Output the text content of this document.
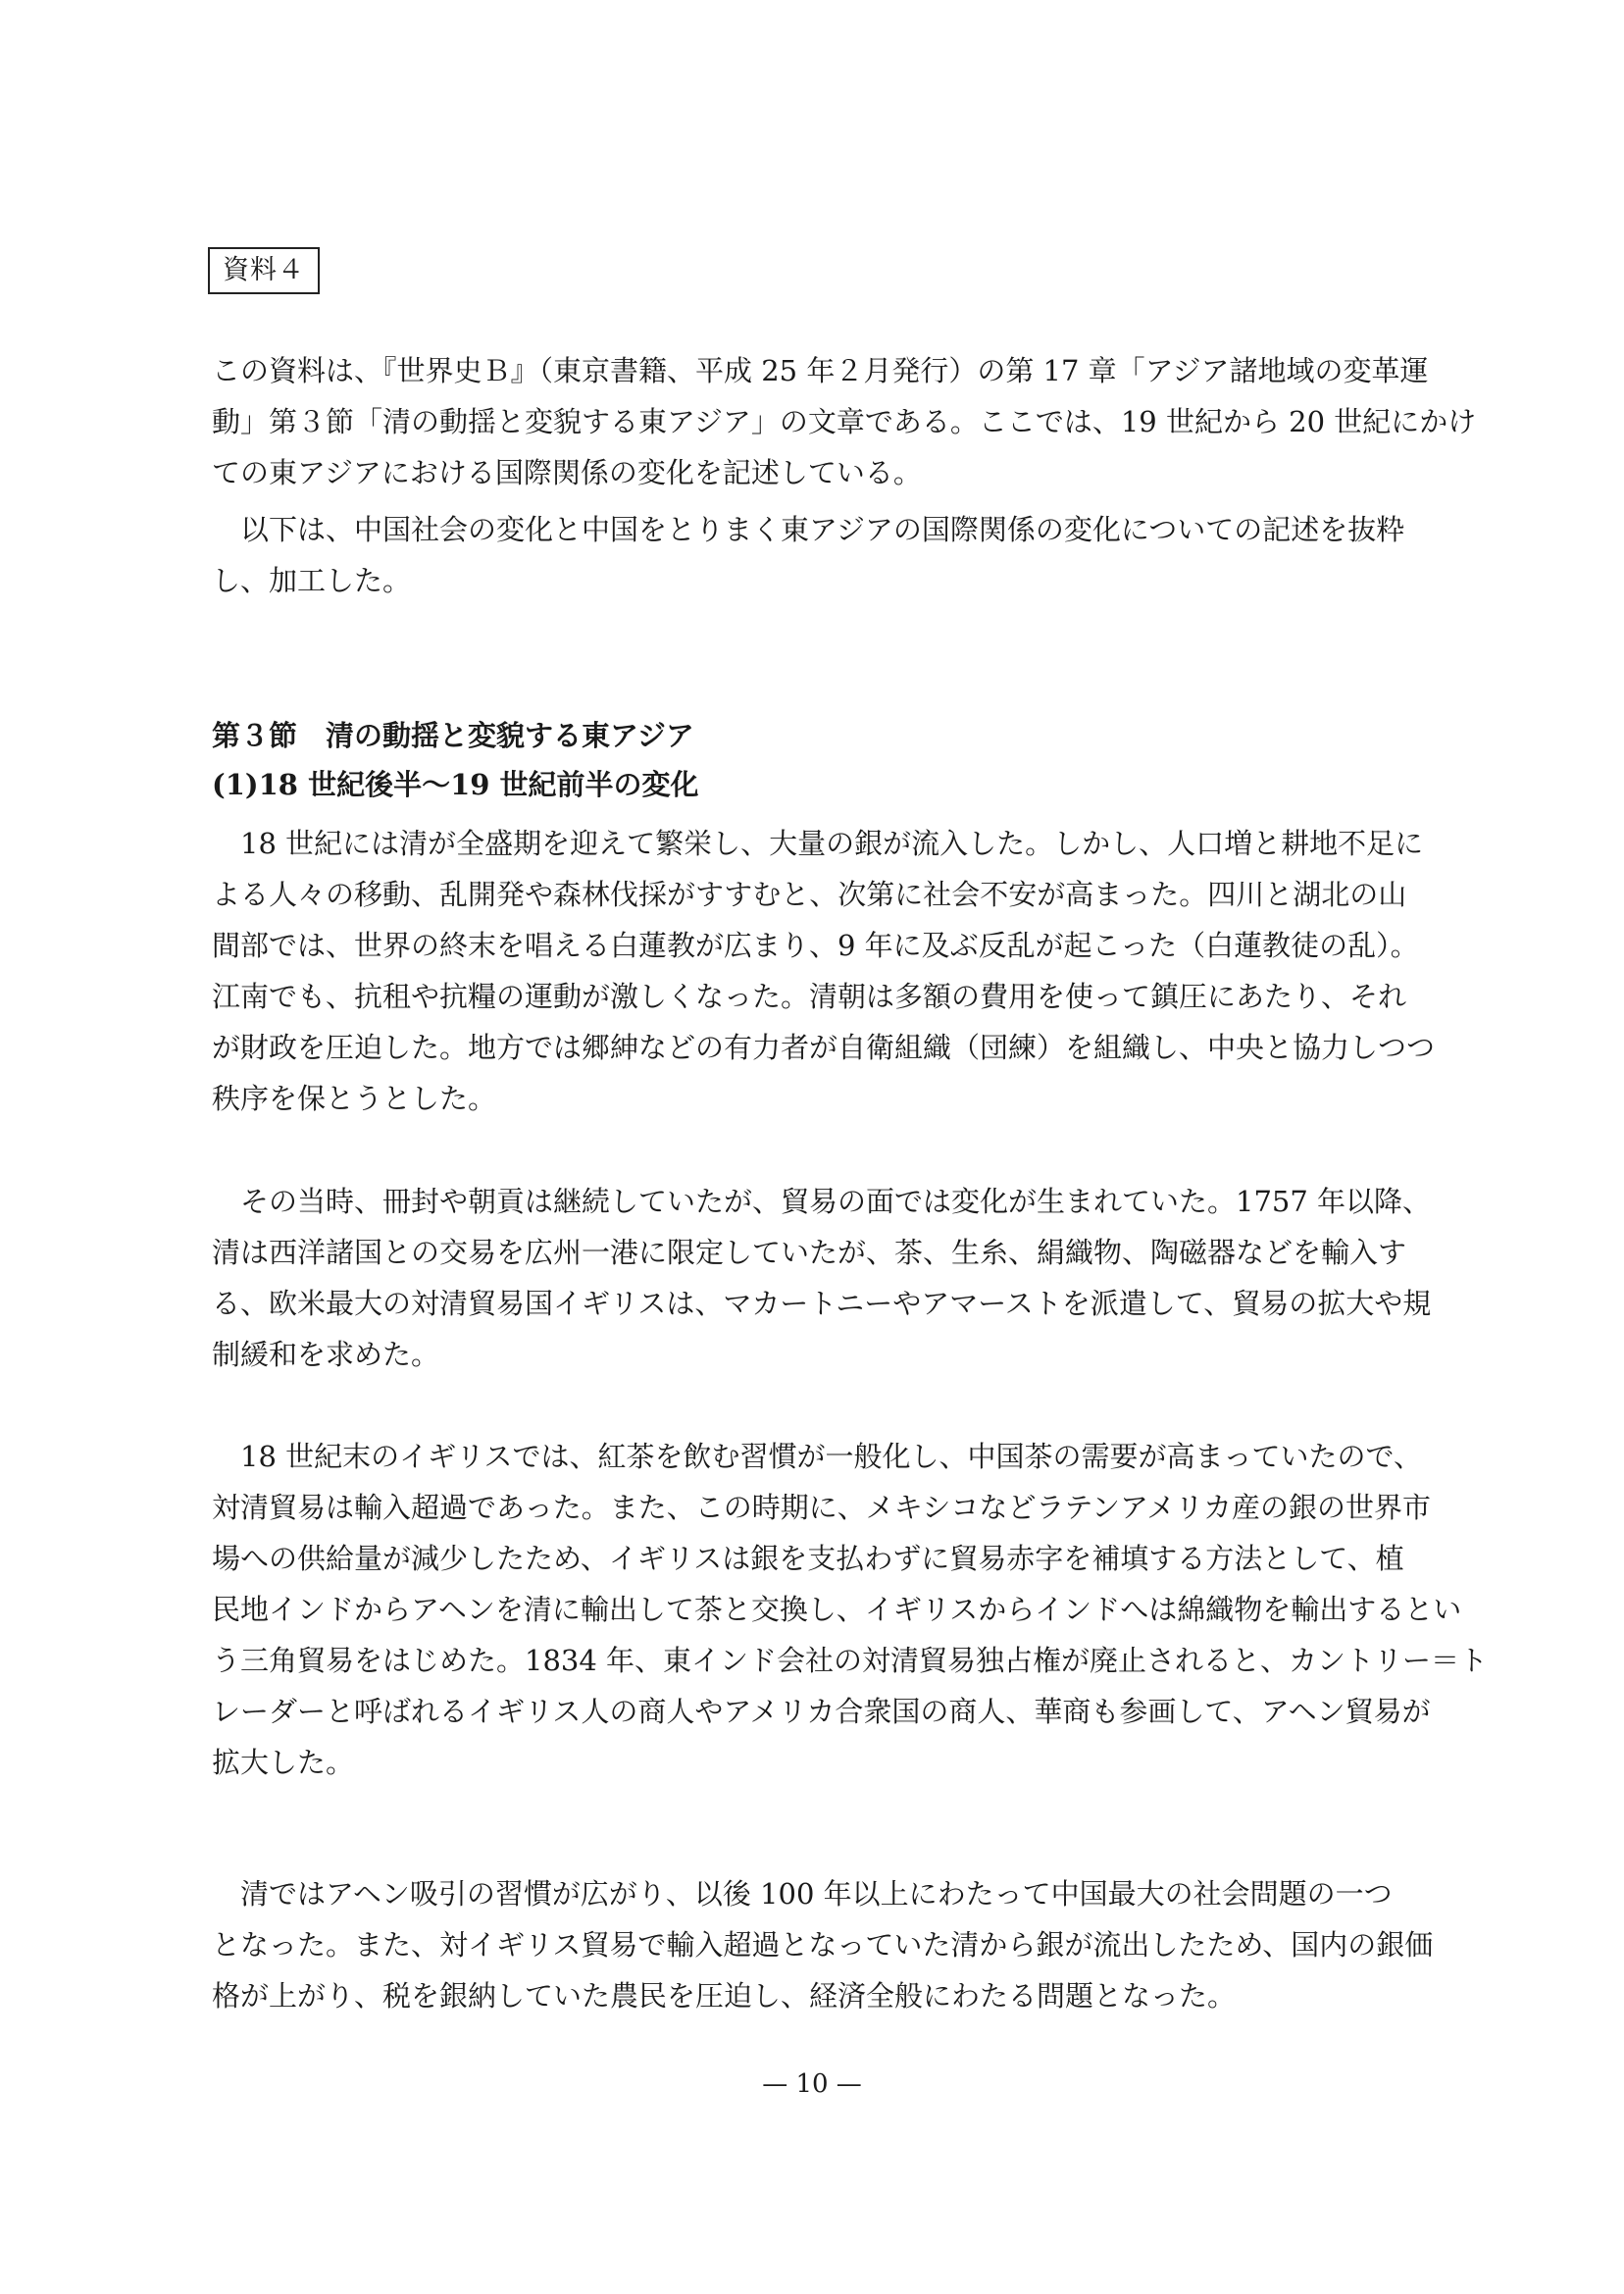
資料４
この資料は、『世界史Ｂ』（東京書籍、平成 25 年２月発行）の第 17 章「アジア諸地域の変革運
動」第３節「清の動揺と変貌する東アジア」の文章である。ここでは、19 世紀から 20 世紀にかけ
ての東アジアにおける国際関係の変化を記述している。
　以下は、中国社会の変化と中国をとりまく東アジアの国際関係の変化についての記述を抜粋
し、加工した。
第３節　清の動揺と変貌する東アジア
(1)18 世紀後半〜19 世紀前半の変化
　18 世紀には清が全盛期を迎えて繁栄し、大量の銀が流入した。しかし、人口増と耕地不足に
よる人々の移動、乱開発や森林伐採がすすむと、次第に社会不安が高まった。四川と湖北の山
間部では、世界の終末を唱える白蓮教が広まり、9 年に及ぶ反乱が起こった（白蓮教徒の乱）。
江南でも、抗租や抗糧の運動が激しくなった。清朝は多額の費用を使って鎮圧にあたり、それ
が財政を圧迫した。地方では郷紳などの有力者が自衛組織（団練）を組織し、中央と協力しつつ
秩序を保とうとした。
　その当時、冊封や朝貢は継続していたが、貿易の面では変化が生まれていた。1757 年以降、
清は西洋諸国との交易を広州一港に限定していたが、茶、生糸、絹織物、陶磁器などを輸入す
る、欧米最大の対清貿易国イギリスは、マカートニーやアマーストを派遣して、貿易の拡大や規
制緩和を求めた。
　18 世紀末のイギリスでは、紅茶を飲む習慣が一般化し、中国茶の需要が高まっていたので、
対清貿易は輸入超過であった。また、この時期に、メキシコなどラテンアメリカ産の銀の世界市
場への供給量が減少したため、イギリスは銀を支払わずに貿易赤字を補填する方法として、植
民地インドからアヘンを清に輸出して茶と交換し、イギリスからインドへは綿織物を輸出するとい
う三角貿易をはじめた。1834 年、東インド会社の対清貿易独占権が廃止されると、カントリー＝ト
レーダーと呼ばれるイギリス人の商人やアメリカ合衆国の商人、華商も参画して、アヘン貿易が
拡大した。
　清ではアヘン吸引の習慣が広がり、以後 100 年以上にわたって中国最大の社会問題の一つ
となった。また、対イギリス貿易で輸入超過となっていた清から銀が流出したため、国内の銀価
格が上がり、税を銀納していた農民を圧迫し、経済全般にわたる問題となった。
— 10 —
